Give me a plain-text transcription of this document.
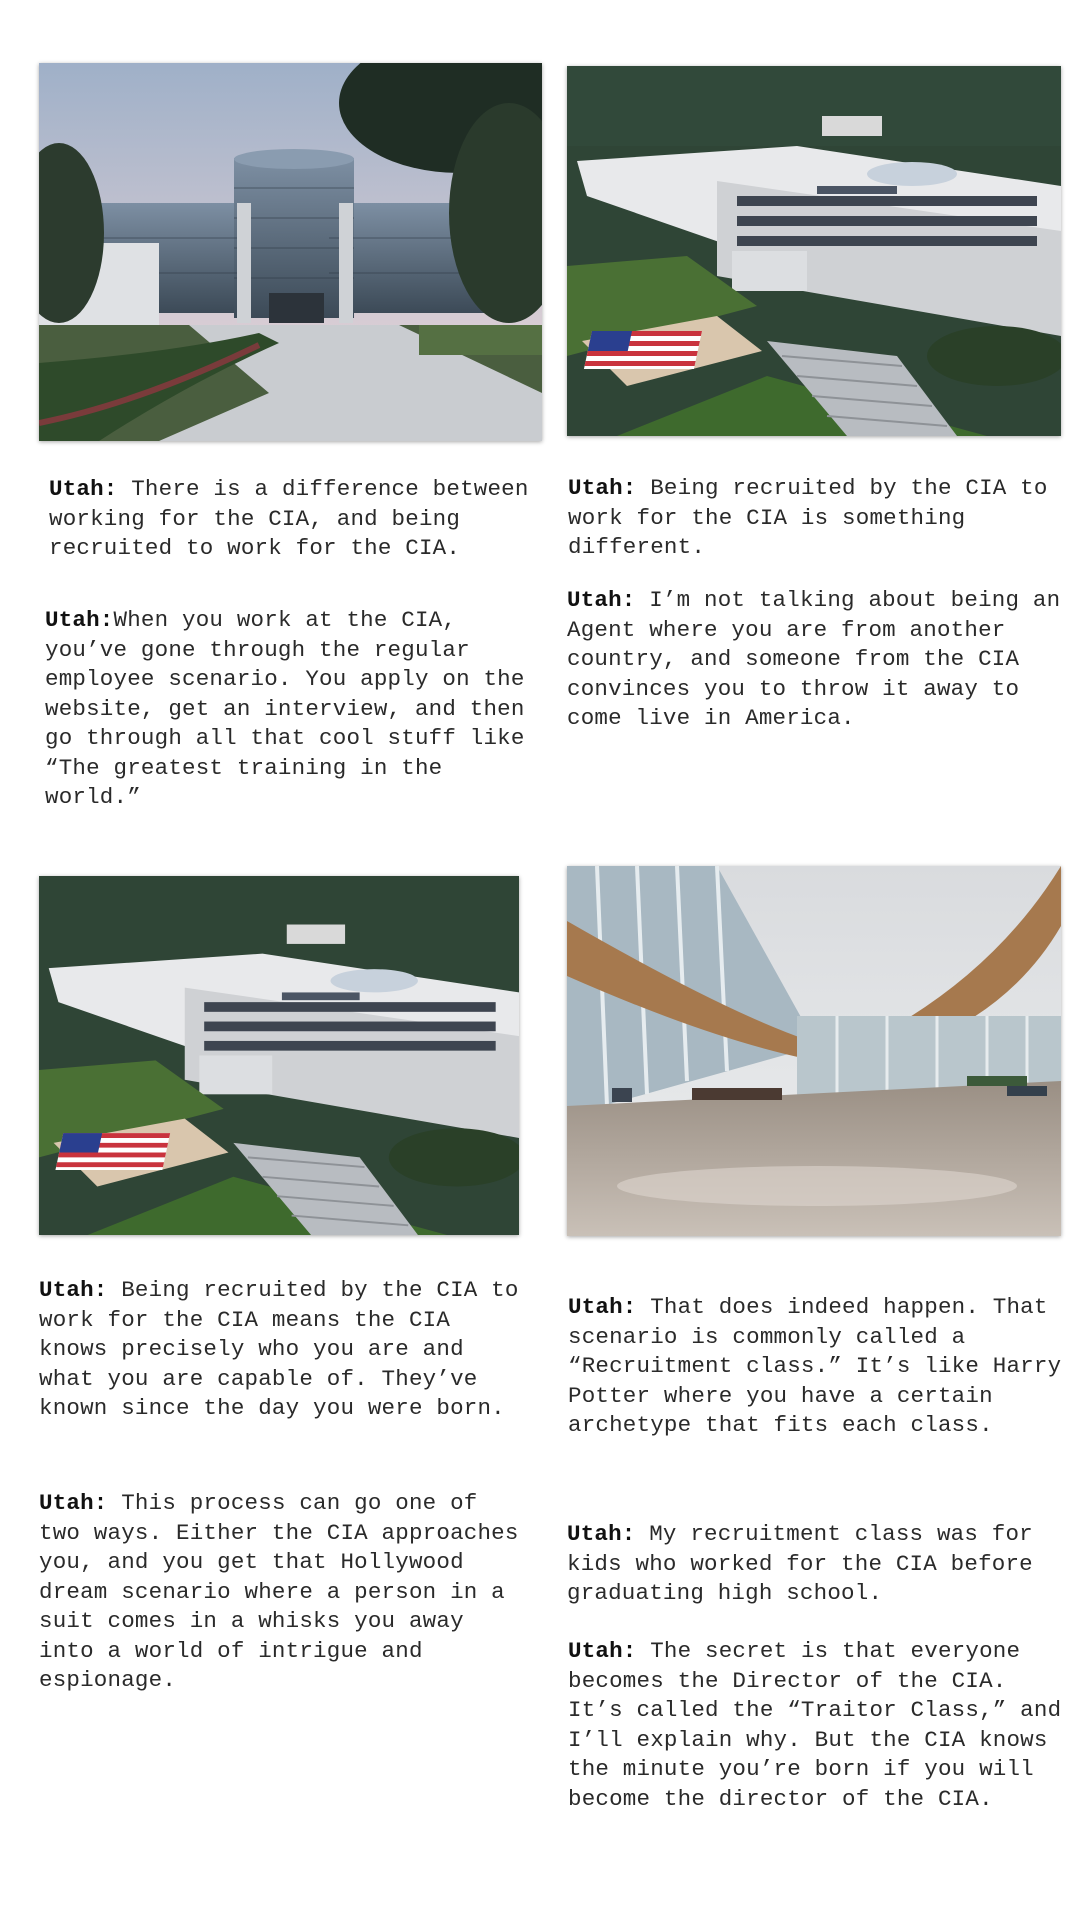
Utah: There is a difference between working for the CIA, and being recruited to work for the CIA.

Utah:When you work at the CIA, you’ve gone through the regular employee scenario. You apply on the website, get an interview, and then go through all that cool stuff like “The greatest training in the world.”

Utah: Being recruited by the CIA to work for the CIA is something different.

Utah: I’m not talking about being an Agent where you are from another country, and someone from the CIA convinces you to throw it away to come live in America.

Utah: Being recruited by the CIA to work for the CIA means the CIA knows precisely who you are and what you are capable of. They’ve known since the day you were born.

Utah: This process can go one of two ways. Either the CIA approaches you, and you get that Hollywood dream scenario where a person in a suit comes in a whisks you away into a world of intrigue and espionage.

Utah: That does indeed happen. That scenario is commonly called a “Recruitment class.” It’s like Harry Potter where you have a certain archetype that fits each class.

Utah: My recruitment class was for kids who worked for the CIA before graduating high school.

Utah: The secret is that everyone becomes the Director of the CIA. It’s called the “Traitor Class,” and I’ll explain why. But the CIA knows the minute you’re born if you will become the director of the CIA.
